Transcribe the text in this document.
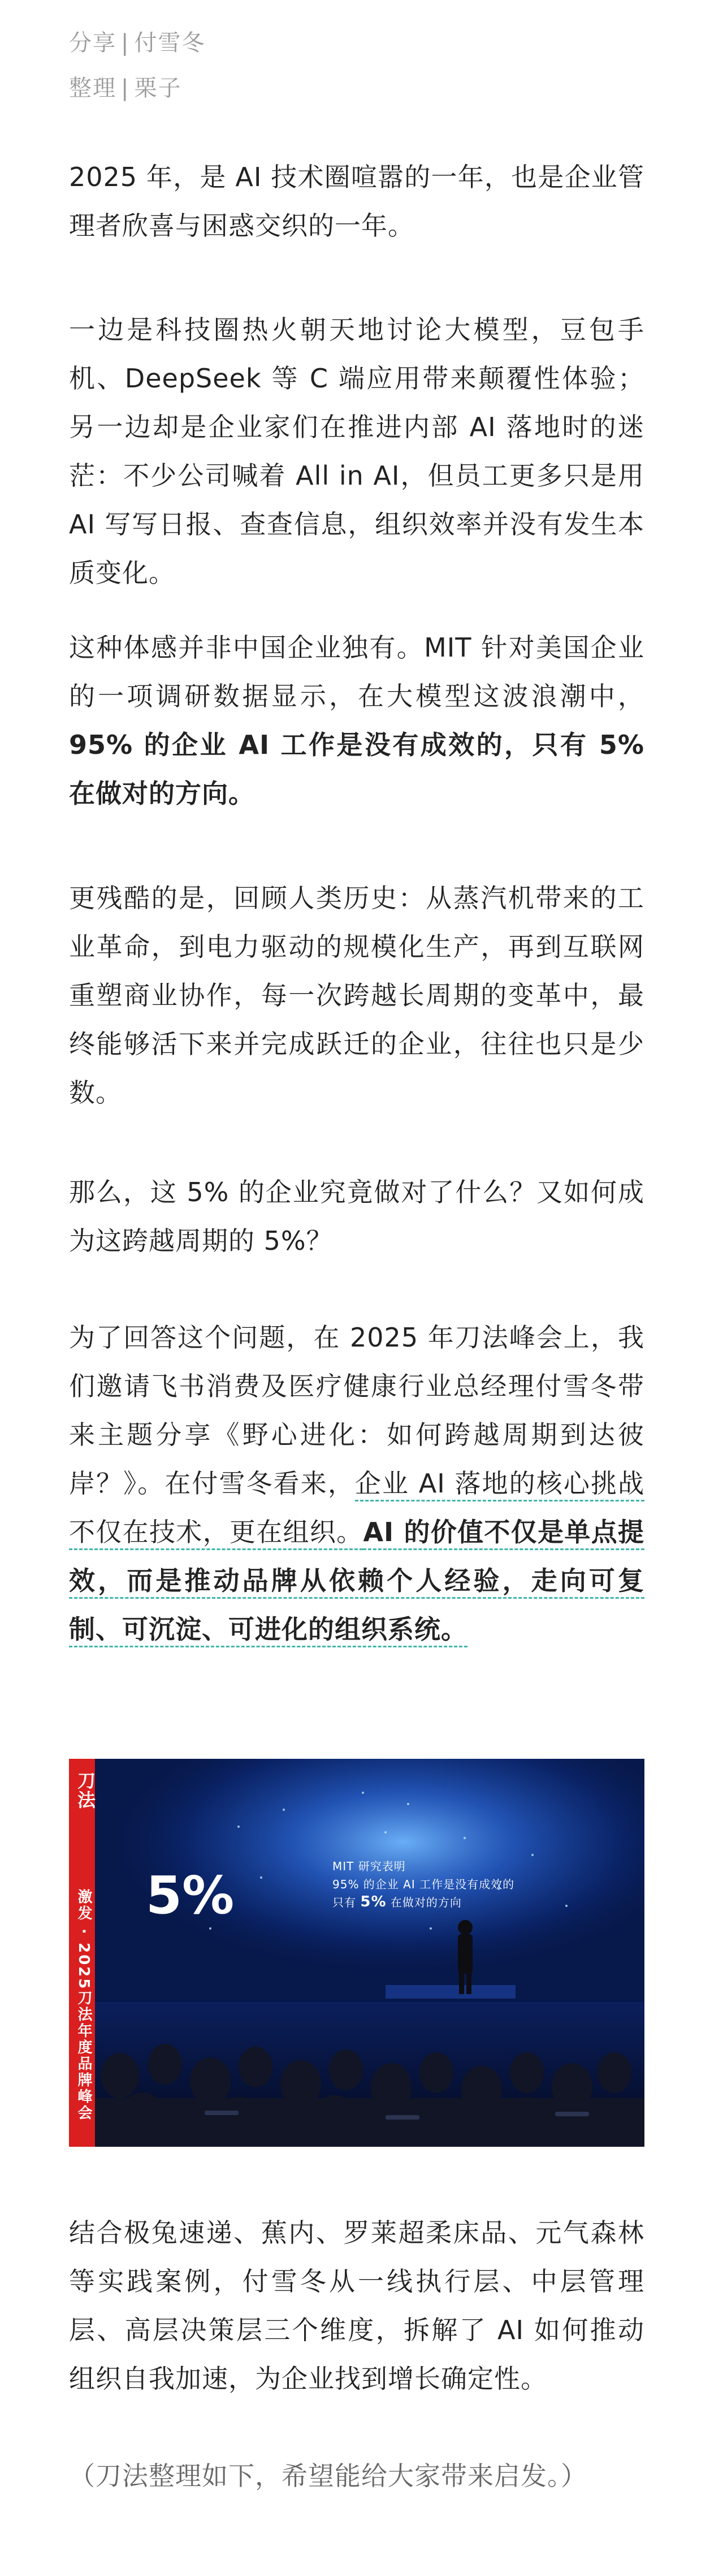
分享 | 付雪冬
整理 | 栗子

2025 年，是 AI 技术圈喧嚣的一年，也是企业管理者欣喜与困惑交织的一年。

一边是科技圈热火朝天地讨论大模型，豆包手机、DeepSeek 等 C 端应用带来颠覆性体验；另一边却是企业家们在推进内部 AI 落地时的迷茫：不少公司喊着 All in AI，但员工更多只是用 AI 写写日报、查查信息，组织效率并没有发生本质变化。

这种体感并非中国企业独有。MIT 针对美国企业的一项调研数据显示，在大模型这波浪潮中，95% 的企业 AI 工作是没有成效的，只有 5% 在做对的方向。

更残酷的是，回顾人类历史：从蒸汽机带来的工业革命，到电力驱动的规模化生产，再到互联网重塑商业协作，每一次跨越长周期的变革中，最终能够活下来并完成跃迁的企业，往往也只是少数。

那么，这 5% 的企业究竟做对了什么？又如何成为这跨越周期的 5%？

为了回答这个问题，在 2025 年刀法峰会上，我们邀请飞书消费及医疗健康行业总经理付雪冬带来主题分享《野心进化：如何跨越周期到达彼岸？》。在付雪冬看来，企业 AI 落地的核心挑战不仅在技术，更在组织。AI 的价值不仅是单点提效，而是推动品牌从依赖个人经验，走向可复制、可沉淀、可进化的组织系统。

刀法
激发 · 2025刀法年度品牌峰会 5%	MIT 研究表明
95% 的企业 AI 工作是没有成效的
只有 5% 在做对的方向

结合极兔速递、蕉内、罗莱超柔床品、元气森林等实践案例，付雪冬从一线执行层、中层管理层、高层决策层三个维度，拆解了 AI 如何推动组织自我加速，为企业找到增长确定性。

（刀法整理如下，希望能给大家带来启发。）
